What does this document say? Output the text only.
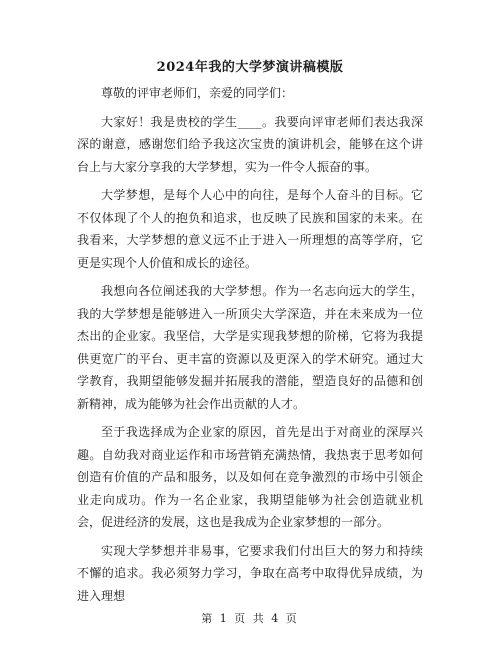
2024年我的大学梦演讲稿模版

尊敬的评审老师们，亲爱的同学们：

大家好！我是贵校的学生____。我要向评审老师们表达我深深的谢意，感谢您们给予我这次宝贵的演讲机会，能够在这个讲台上与大家分享我的大学梦想，实为一件令人振奋的事。

大学梦想，是每个人心中的向往，是每个人奋斗的目标。它不仅体现了个人的抱负和追求，也反映了民族和国家的未来。在我看来，大学梦想的意义远不止于进入一所理想的高等学府，它更是实现个人价值和成长的途径。

我想向各位阐述我的大学梦想。作为一名志向远大的学生，我的大学梦想是能够进入一所顶尖大学深造，并在未来成为一位杰出的企业家。我坚信，大学是实现我梦想的阶梯，它将为我提供更宽广的平台、更丰富的资源以及更深入的学术研究。通过大学教育，我期望能够发掘并拓展我的潜能，塑造良好的品德和创新精神，成为能够为社会作出贡献的人才。

至于我选择成为企业家的原因，首先是出于对商业的深厚兴趣。自幼我对商业运作和市场营销充满热情，我热衷于思考如何创造有价值的产品和服务，以及如何在竞争激烈的市场中引领企业走向成功。作为一名企业家，我期望能够为社会创造就业机会，促进经济的发展，这也是我成为企业家梦想的一部分。

实现大学梦想并非易事，它要求我们付出巨大的努力和持续不懈的追求。我必须努力学习，争取在高考中取得优异成绩，为进入理想

第 1 页 共 4 页
